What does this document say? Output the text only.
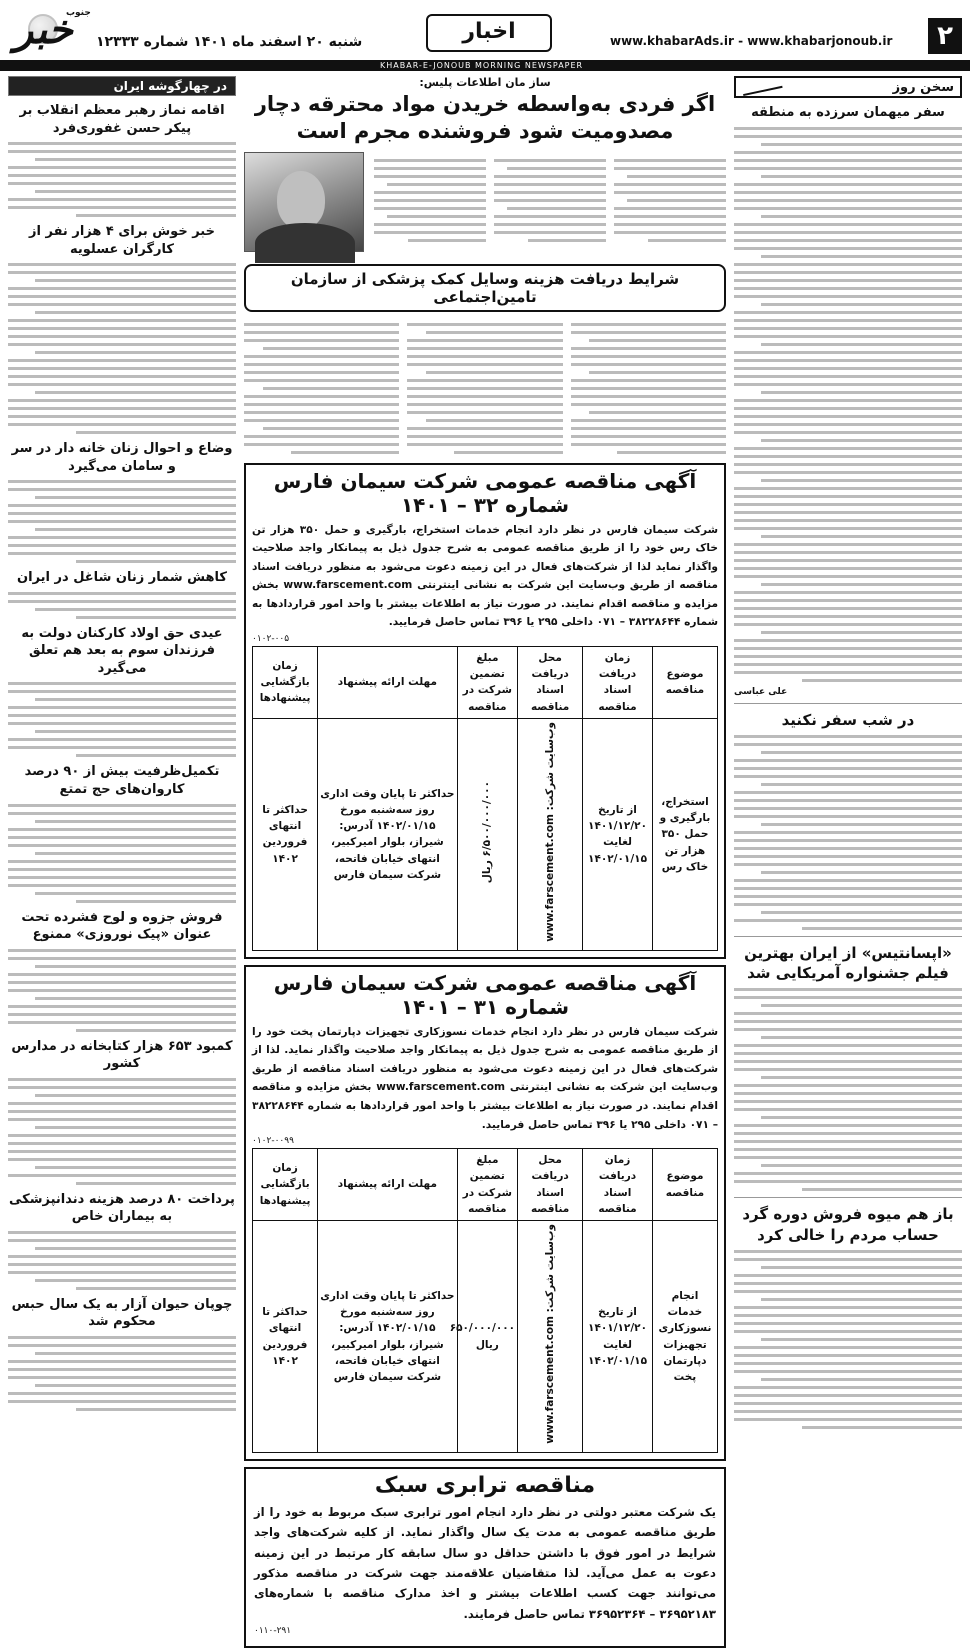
خبر
جنوب
شنبه ۲۰ اسفند ماه ۱۴۰۱ شماره ۱۲۳۳۳	اخبار	www.khabarAds.ir - www.khabarjonoub.ir	۲
KHABAR-E-JONOUB MORNING NEWSPAPER
سخن روز
سفر میهمان سرزده به منطقه
علی عباسی
در شب سفر نکنید
«اپسانتیس» از ایران بهترین فیلم جشنواره آمریکایی شد
باز هم میوه فروش دوره گرد حساب مردم را خالی کرد
ساز مان اطلاعات پلیس:
اگر فردی به‌واسطه خریدن مواد محترقه دچار مصدومیت شود فروشنده مجرم است
شرایط دریافت هزینه وسایل کمک پزشکی از سازمان تامین‌اجتماعی
آگهی مناقصه عمومی شرکت سیمان فارس شماره ۳۲ – ۱۴۰۱
شرکت سیمان فارس در نظر دارد انجام خدمات استخراج، بارگیری و حمل ۳۵۰ هزار تن خاک رس خود را از طریق مناقصه عمومی به شرح جدول ذیل به پیمانکار واجد صلاحیت واگذار نماید لذا از شرکت‌های فعال در این زمینه دعوت می‌شود به منظور دریافت اسناد مناقصه از طریق وب‌سایت این شرکت به نشانی اینترنتی www.farscement.com بخش مزایده و مناقصه اقدام نمایند. در صورت نیاز به اطلاعات بیشتر با واحد امور قراردادها به شماره ۳۸۲۲۸۶۴۴ – ۰۷۱ داخلی ۲۹۵ یا ۳۹۶ تماس حاصل فرمایید.
۰۱۰۲-۰۰۵
موضوع مناقصه	زمان دریافت اسناد مناقصه	محل دریافت اسناد مناقصه	مبلغ تضمین شرکت در مناقصه	مهلت ارائه پیشنهاد	زمان بازگشایی پیشنهادها
استخراج، بارگیری و حمل ۳۵۰ هزار تن خاک رس	از تاریخ ۱۴۰۱/۱۲/۲۰ لغایت ۱۴۰۲/۰۱/۱۵	وب‌سایت شرکت: www.farscement.com	۶/۵۰۰/۰۰۰/۰۰۰ ریال	حداکثر تا پایان وقت اداری روز سه‌شنبه مورخ ۱۴۰۲/۰۱/۱۵ آدرس: شیراز، بلوار امیرکبیر، انتهای خیابان فاتحه، شرکت سیمان فارس	حداکثر تا انتهای فروردین ۱۴۰۲
آگهی مناقصه عمومی شرکت سیمان فارس شماره ۳۱ – ۱۴۰۱
شرکت سیمان فارس در نظر دارد انجام خدمات نسوزکاری تجهیزات دپارتمان پخت خود را از طریق مناقصه عمومی به شرح جدول ذیل به پیمانکار واجد صلاحیت واگذار نماید. لذا از شرکت‌های فعال در این زمینه دعوت می‌شود به منظور دریافت اسناد مناقصه از طریق وب‌سایت این شرکت به نشانی اینترنتی www.farscement.com بخش مزایده و مناقصه اقدام نمایند. در صورت نیاز به اطلاعات بیشتر با واحد امور قراردادها به شماره ۳۸۲۲۸۶۴۴ – ۰۷۱ داخلی ۲۹۵ یا ۳۹۶ تماس حاصل فرمایید.
۰۱۰۲-۰۰۹۹
موضوع مناقصه	زمان دریافت اسناد مناقصه	محل دریافت اسناد مناقصه	مبلغ تضمین شرکت در مناقصه	مهلت ارائه پیشنهاد	زمان بازگشایی پیشنهادها
انجام خدمات نسوزکاری تجهیزات دپارتمان پخت	از تاریخ ۱۴۰۱/۱۲/۲۰ لغایت ۱۴۰۲/۰۱/۱۵	وب‌سایت شرکت: www.farscement.com	۶۵۰/۰۰۰/۰۰۰ ریال	حداکثر تا پایان وقت اداری روز سه‌شنبه مورخ ۱۴۰۲/۰۱/۱۵ آدرس: شیراز، بلوار امیرکبیر، انتهای خیابان فاتحه، شرکت سیمان فارس	حداکثر تا انتهای فروردین ۱۴۰۲
مناقصه ترابری سبک
یک شرکت معتبر دولتی در نظر دارد انجام امور ترابری سبک مربوط به خود را از طریق مناقصه عمومی به مدت یک سال واگذار نماید. از کلیه شرکت‌های واجد شرایط در امور فوق با داشتن حداقل دو سال سابقه کار مرتبط در این زمینه دعوت به عمل می‌آید. لذا متقاضیان علاقه‌مند جهت شرکت در مناقصه مذکور می‌توانند جهت کسب اطلاعات بیشتر و اخذ مدارک مناقصه با شماره‌های ۳۶۹۵۲۱۸۳ – ۳۶۹۵۲۳۶۴ تماس حاصل فرمایند.
۰۱۱۰-۲۹۱
در چهارگوشه ایران
اقامه نماز رهبر معظم انقلاب بر پیکر حسن غفوری‌فرد
خبر خوش برای ۴ هزار نفر از کارگران عسلویه
وضاع و احوال زنان خانه دار در سر و سامان می‌گیرد
کاهش شمار زنان شاغل در ایران
عیدی حق اولاد کارکنان دولت به فرزندان سوم به بعد هم تعلق می‌گیرد
تکمیل‌ظرفیت بیش از ۹۰ درصد کاروان‌های حج تمتع
فروش جزوه و لوح فشرده تحت عنوان «پیک نوروزی» ممنوع
کمبود ۶۵۳ هزار کتابخانه در مدارس کشور
پرداخت ۸۰ درصد هزینه دندانپزشکی به بیماران خاص
چوپان حیوان آزار به یک سال حبس محکوم شد
